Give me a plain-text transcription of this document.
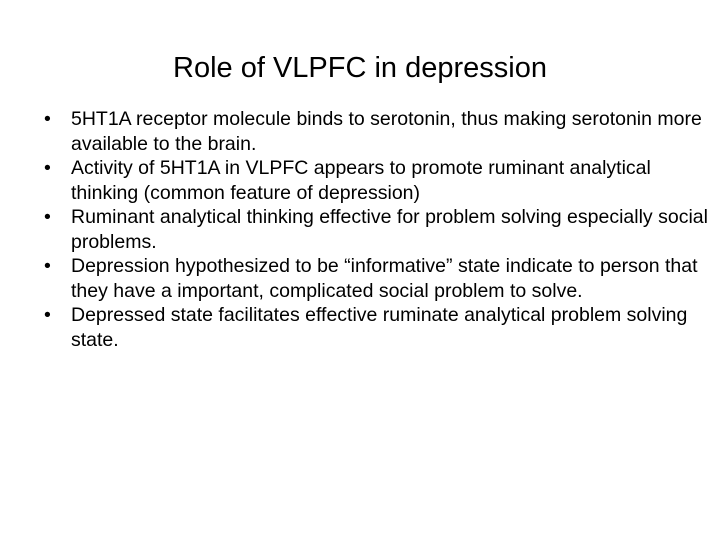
Role of VLPFC in depression
• 5HT1A receptor molecule binds to serotonin, thus making serotonin more available to the brain.
• Activity of 5HT1A in VLPFC appears to promote ruminant analytical thinking (common feature of depression)
• Ruminant analytical thinking effective for problem solving especially social problems.
• Depression hypothesized to be “informative” state indicate to person that they have a important, complicated social problem to solve.
• Depressed state facilitates effective ruminate analytical problem solving state.
